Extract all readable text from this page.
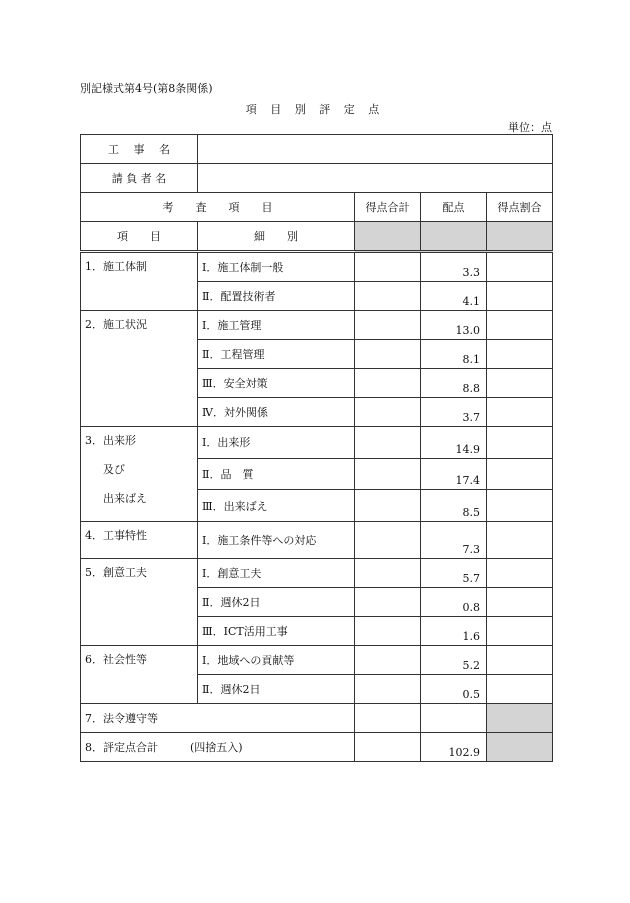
別記様式第4号(第8条関係)
項 目 別 評 定 点
単位：点
工　 事　 名				
請 負 者 名				
考　　査　　項　　目		得点合計	配点	得点割合
項　　目	細　　別			

1．施工体制	Ⅰ．施工体制一般		3.3	
	Ⅱ．配置技術者		4.1	

2．施工状況	Ⅰ．施工管理		13.0	
	Ⅱ．工程管理		8.1	
	Ⅲ．安全対策		8.8	
	Ⅳ．対外関係		3.7	

3．出来形
及び
出来ばえ	Ⅰ．出来形		14.9	
	Ⅱ．品　質		17.4	
	Ⅲ．出来ばえ		8.5	

4．工事特性	Ⅰ．施工条件等への対応		7.3	

5．創意工夫	Ⅰ．創意工夫		5.7	
	Ⅱ．週休2日		0.8	
	Ⅲ．ICT活用工事		1.6	

6．社会性等	Ⅰ．地域への貢献等		5.2	
	Ⅱ．週休2日		0.5	
7．法令遵守等				
8．評定点合計 (四捨五入)			102.9	
